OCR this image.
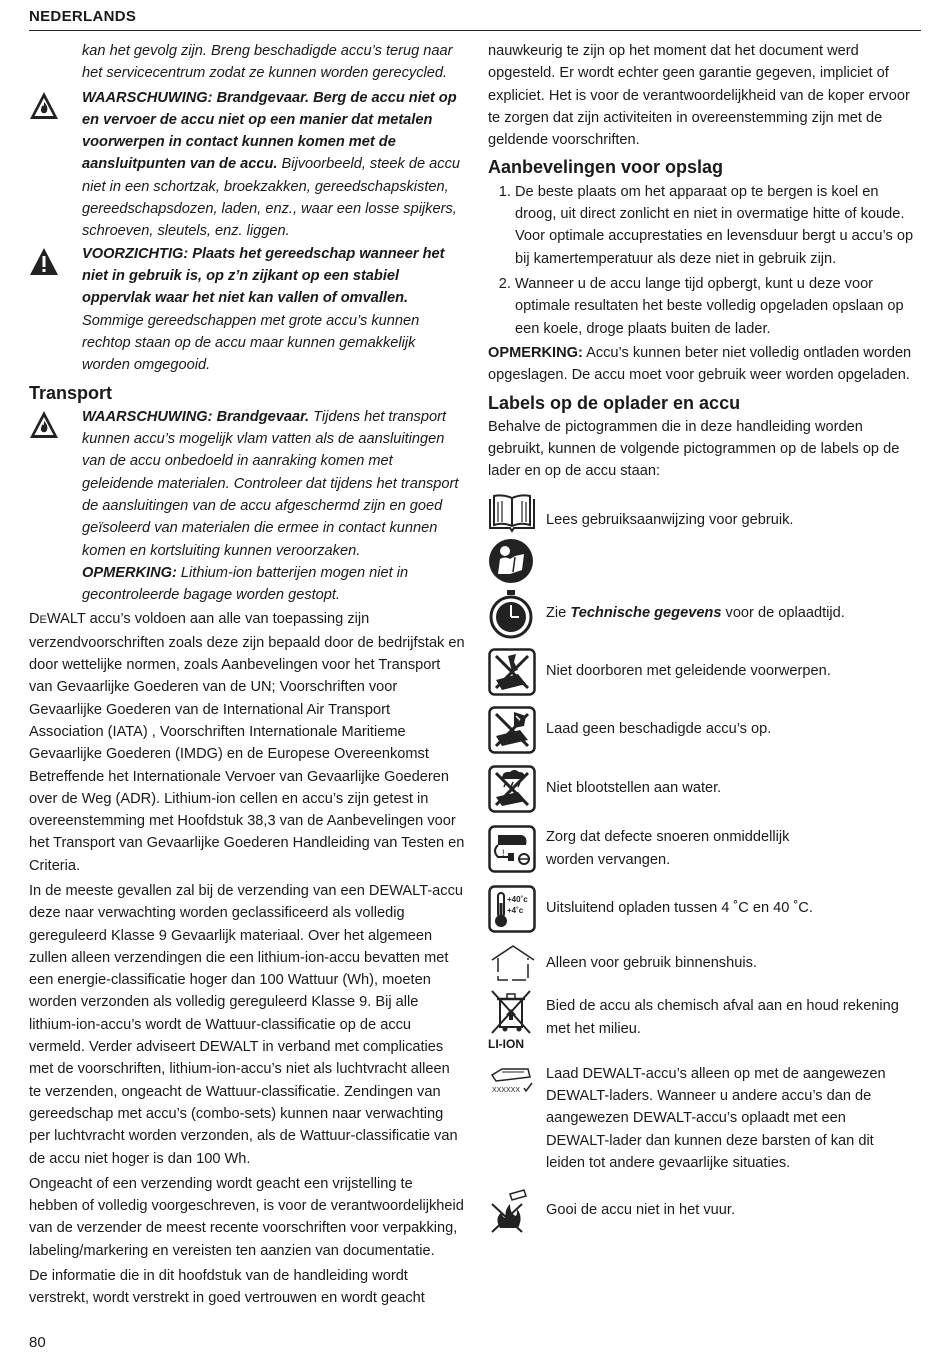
NEDERLANDS

kan het gevolg zijn. Breng beschadigde accu’s terug naar het servicecentrum zodat ze kunnen worden gerecycled.

WAARSCHUWING: Brandgevaar. Berg de accu niet op en vervoer de accu niet op een manier dat metalen voorwerpen in contact kunnen komen met de aansluitpunten van de accu. Bijvoorbeeld, steek de accu niet in een schortzak, broekzakken, gereedschapskisten, gereedschapsdozen, laden, enz., waar een losse spijkers, schroeven, sleutels, enz. liggen.

VOORZICHTIG: Plaats het gereedschap wanneer het niet in gebruik is, op z’n zijkant op een stabiel oppervlak waar het niet kan vallen of omvallen. Sommige gereedschappen met grote accu’s kunnen rechtop staan op de accu maar kunnen gemakkelijk worden omgegooid.

Transport

WAARSCHUWING: Brandgevaar. Tijdens het transport kunnen accu’s mogelijk vlam vatten als de aansluitingen van de accu onbedoeld in aanraking komen met geleidende materialen. Controleer dat tijdens het transport de aansluitingen van de accu afgeschermd zijn en goed geïsoleerd van materialen die ermee in contact kunnen komen en kortsluiting kunnen veroorzaken.

OPMERKING: Lithium-ion batterijen mogen niet in gecontroleerde bagage worden gestopt.

DEWALT accu’s voldoen aan alle van toepassing zijn verzendvoorschriften zoals deze zijn bepaald door de bedrijfstak en door wettelijke normen, zoals Aanbevelingen voor het Transport van Gevaarlijke Goederen van de UN; Voorschriften voor Gevaarlijke Goederen van de International Air Transport Association (IATA) , Voorschriften Internationale Maritieme Gevaarlijke Goederen (IMDG) en de Europese Overeenkomst Betreffende het Internationale Vervoer van Gevaarlijke Goederen over de Weg (ADR). Lithium-ion cellen en accu’s zijn getest in overeenstemming met Hoofdstuk 38,3 van de Aanbevelingen voor het Transport van Gevaarlijke Goederen Handleiding van Testen en Criteria.

In de meeste gevallen zal bij de verzending van een DEWALT-accu deze naar verwachting worden geclassificeerd als volledig gereguleerd Klasse 9 Gevaarlijk materiaal. Over het algemeen zullen alleen verzendingen die een lithium-ion-accu bevatten met een energie-classificatie hoger dan 100 Wattuur (Wh), moeten worden verzonden als volledig gereguleerd Klasse 9. Bij alle lithium-ion-accu’s wordt de Wattuur-classificatie op de accu vermeld. Verder adviseert DEWALT in verband met complicaties met de voorschriften, lithium-ion-accu’s niet als luchtvracht alleen te verzenden, ongeacht de Wattuur-classificatie. Zendingen van gereedschap met accu’s (combo-sets) kunnen naar verwachting per luchtvracht worden verzonden, als de Wattuur-classificatie van de accu niet hoger is dan 100 Wh.

Ongeacht of een verzending wordt geacht een vrijstelling te hebben of volledig voorgeschreven, is voor de verantwoordelijkheid van de verzender de meest recente voorschriften voor verpakking, labeling/markering en vereisten ten aanzien van documentatie.

De informatie die in dit hoofdstuk van de handleiding wordt verstrekt, wordt verstrekt in goed vertrouwen en wordt geacht

nauwkeurig te zijn op het moment dat het document werd opgesteld. Er wordt echter geen garantie gegeven, impliciet of expliciet. Het is voor de verantwoordelijkheid van de koper ervoor te zorgen dat zijn activiteiten in overeenstemming zijn met de geldende voorschriften.

Aanbevelingen voor opslag
1. De beste plaats om het apparaat op te bergen is koel en droog, uit direct zonlicht en niet in overmatige hitte of koude. Voor optimale accuprestaties en levensduur bergt u accu’s op bij kamertemperatuur als deze niet in gebruik zijn.
2. Wanneer u de accu lange tijd opbergt, kunt u deze voor optimale resultaten het beste volledig opgeladen opslaan op een koele, droge plaats buiten de lader.

OPMERKING: Accu’s kunnen beter niet volledig ontladen worden opgeslagen. De accu moet voor gebruik weer worden opgeladen.

Labels op de oplader en accu

Behalve de pictogrammen die in deze handleiding worden gebruikt, kunnen de volgende pictogrammen op de labels op de lader en op de accu staan:

Lees gebruiksaanwijzing voor gebruik.

Zie Technische gegevens voor de oplaadtijd.

Niet doorboren met geleidende voorwerpen.

Laad geen beschadigde accu’s op.

Niet blootstellen aan water.

!

Zorg dat defecte snoeren onmiddellijk worden vervangen.

+40˚c
+4˚c Uitsluitend opladen tussen 4 ˚C en 40 ˚C.

Alleen voor gebruik binnenshuis.

LI-ION

Bied de accu als chemisch afval aan en houd rekening met het milieu.

XXXXXX

Laad DEWALT-accu’s alleen op met de aangewezen DEWALT-laders. Wanneer u andere accu’s dan de aangewezen DEWALT-accu’s oplaadt met een DEWALT-lader dan kunnen deze barsten of kan dit leiden tot andere gevaarlijke situaties.

Gooi de accu niet in het vuur.

80
